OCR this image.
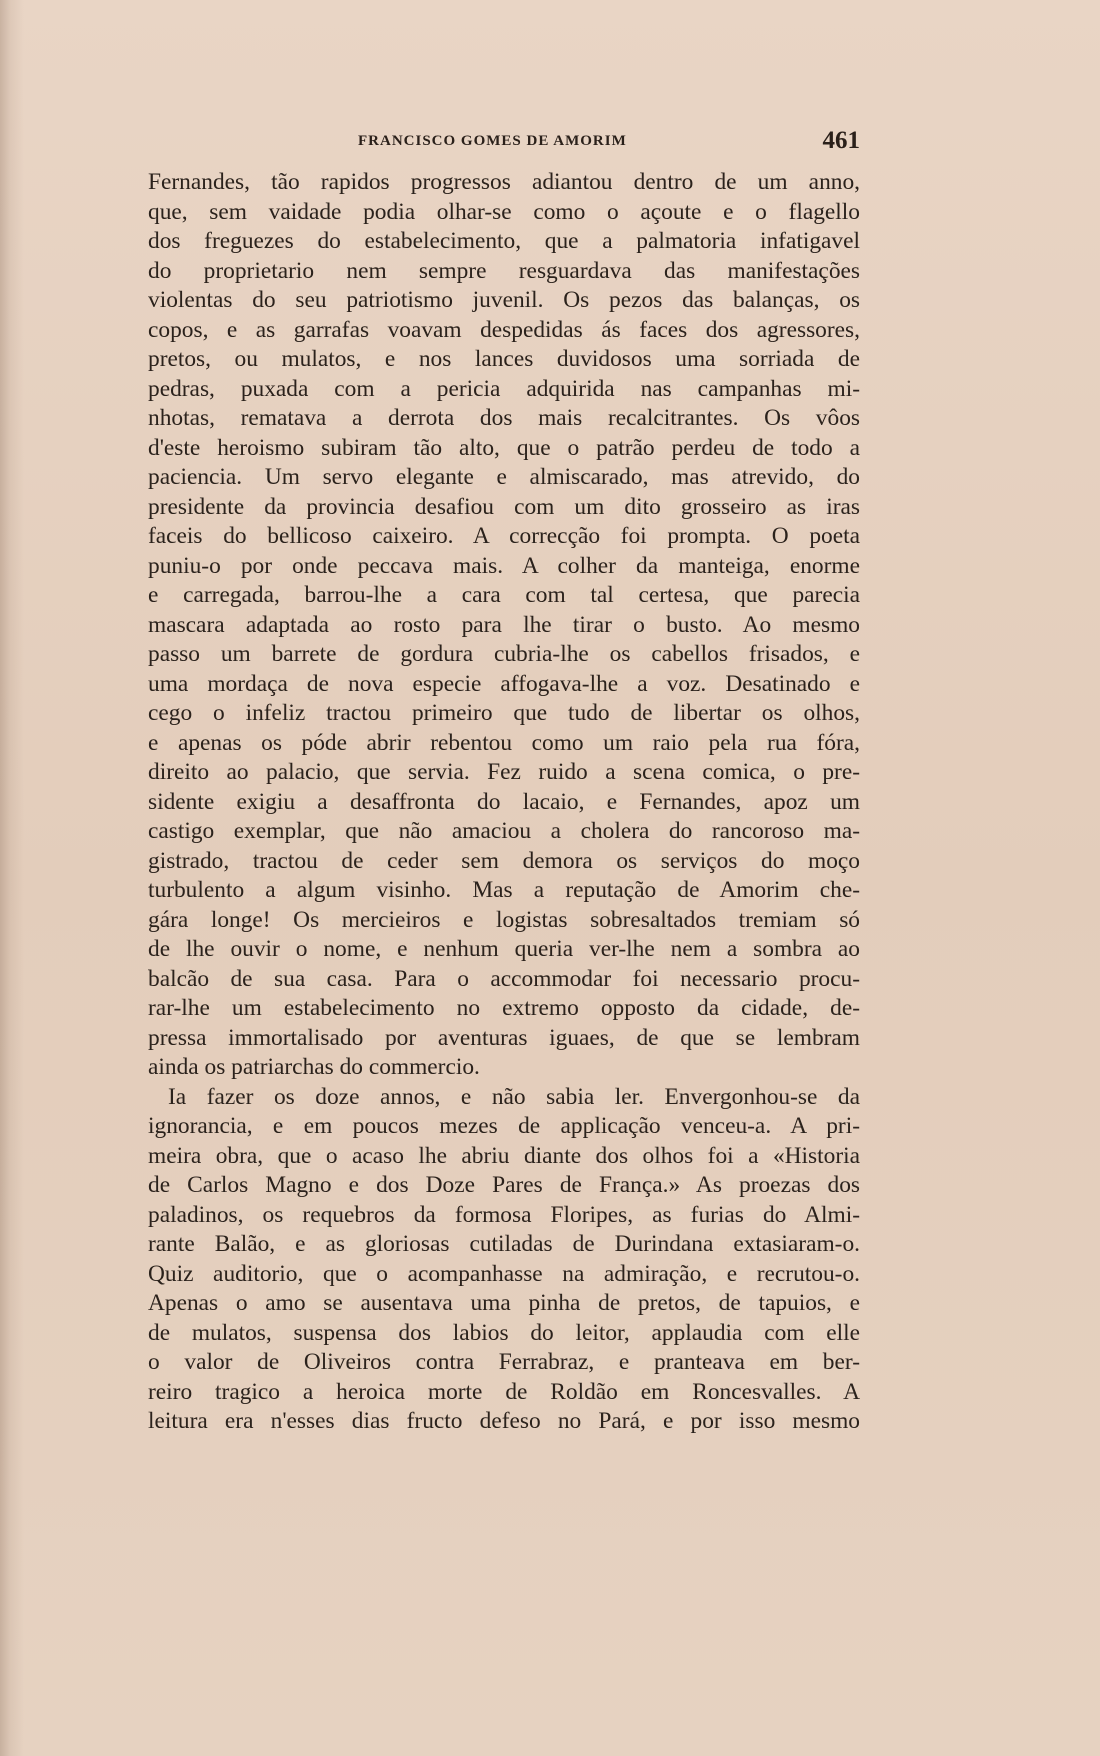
FRANCISCO GOMES DE AMORIM	461
Fernandes, tão rapidos progressos adiantou dentro de um anno,
que, sem vaidade podia olhar-se como o açoute e o flagello
dos freguezes do estabelecimento, que a palmatoria infatigavel
do proprietario nem sempre resguardava das manifestações
violentas do seu patriotismo juvenil. Os pezos das balanças, os
copos, e as garrafas voavam despedidas ás faces dos agressores,
pretos, ou mulatos, e nos lances duvidosos uma sorriada de
pedras, puxada com a pericia adquirida nas campanhas mi-
nhotas, rematava a derrota dos mais recalcitrantes. Os vôos
d'este heroismo subiram tão alto, que o patrão perdeu de todo a
paciencia. Um servo elegante e almiscarado, mas atrevido, do
presidente da provincia desafiou com um dito grosseiro as iras
faceis do bellicoso caixeiro. A correcção foi prompta. O poeta
puniu-o por onde peccava mais. A colher da manteiga, enorme
e carregada, barrou-lhe a cara com tal certesa, que parecia
mascara adaptada ao rosto para lhe tirar o busto. Ao mesmo
passo um barrete de gordura cubria-lhe os cabellos frisados, e
uma mordaça de nova especie affogava-lhe a voz. Desatinado e
cego o infeliz tractou primeiro que tudo de libertar os olhos,
e apenas os póde abrir rebentou como um raio pela rua fóra,
direito ao palacio, que servia. Fez ruido a scena comica, o pre-
sidente exigiu a desaffronta do lacaio, e Fernandes, apoz um
castigo exemplar, que não amaciou a cholera do rancoroso ma-
gistrado, tractou de ceder sem demora os serviços do moço
turbulento a algum visinho. Mas a reputação de Amorim che-
gára longe! Os mercieiros e logistas sobresaltados tremiam só
de lhe ouvir o nome, e nenhum queria ver-lhe nem a sombra ao
balcão de sua casa. Para o accommodar foi necessario procu-
rar-lhe um estabelecimento no extremo opposto da cidade, de-
pressa immortalisado por aventuras iguaes, de que se lembram
ainda os patriarchas do commercio.
Ia fazer os doze annos, e não sabia ler. Envergonhou-se da
ignorancia, e em poucos mezes de applicação venceu-a. A pri-
meira obra, que o acaso lhe abriu diante dos olhos foi a «Historia
de Carlos Magno e dos Doze Pares de França.» As proezas dos
paladinos, os requebros da formosa Floripes, as furias do Almi-
rante Balão, e as gloriosas cutiladas de Durindana extasiaram-o.
Quiz auditorio, que o acompanhasse na admiração, e recrutou-o.
Apenas o amo se ausentava uma pinha de pretos, de tapuios, e
de mulatos, suspensa dos labios do leitor, applaudia com elle
o valor de Oliveiros contra Ferrabraz, e pranteava em ber-
reiro tragico a heroica morte de Roldão em Roncesvalles. A
leitura era n'esses dias fructo defeso no Pará, e por isso mesmo
